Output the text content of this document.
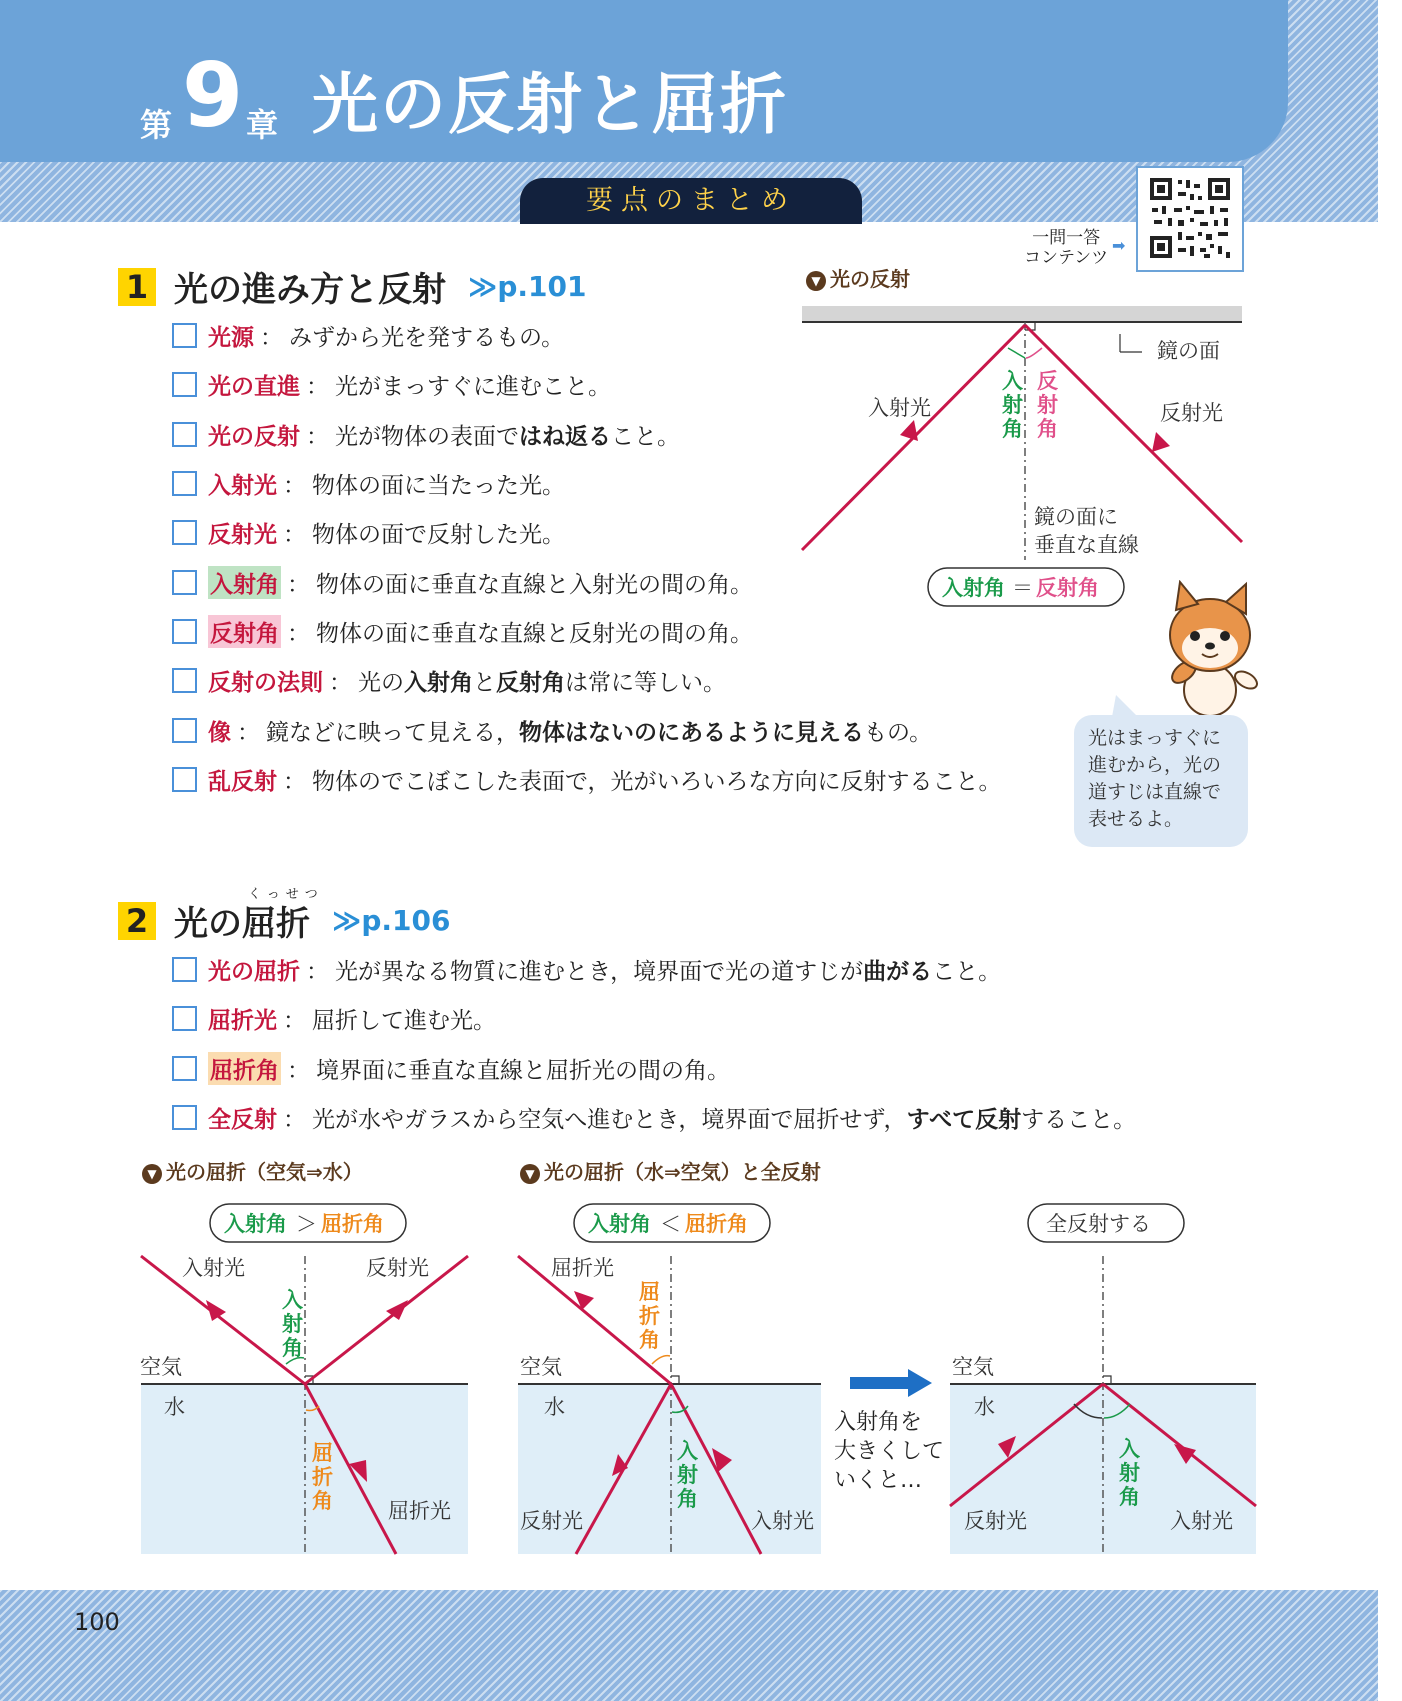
第 9 章 光の反射と屈折
要点のまとめ
一問一答
コンテンツ
➡
1 光の進み方と反射 ≫p.101
光源 ： みずから光を発するもの。
光の直進 ： 光がまっすぐに進むこと。
光の反射 ： 光が物体の表面で はね返る こと。
入射光 ： 物体の面に当たった光。
反射光 ： 物体の面で反射した光。
入射角 ： 物体の面に垂直な直線と入射光の間の角。
反射角 ： 物体の面に垂直な直線と反射光の間の角。
反射の法則 ： 光の 入射角 と 反射角 は常に等しい。
像 ： 鏡などに映って見える， 物体はないのにあるように見える もの。
乱反射 ： 物体のでこぼこした表面で，光がいろいろな方向に反射すること。
▼ 光の反射
鏡の面
入射光	反射光
入
射
角
反
射
角
鏡の面に
垂直な直線
入射角 ＝ 反射角
光はまっすぐに
進むから，光の
道すじは直線で
表せるよ。
くっせつ
2 光の屈折 ≫p.106
光の屈折 ： 光が異なる物質に進むとき，境界面で光の道すじが 曲がる こと。
屈折光 ： 屈折して進む光。
屈折角 ： 境界面に垂直な直線と屈折光の間の角。
全反射 ： 光が水やガラスから空気へ進むとき，境界面で屈折せず， すべて反射 すること。
▼ 光の屈折（空気⇒水）	▼ 光の屈折（水⇒空気）と全反射
入射角 ＞ 屈折角
入射光	反射光
入
射
角
空気
水
屈
折
角	屈折光
入射角 ＜ 屈折角
屈折光
屈
折
角
空気
水
入
射
角
反射光	入射光
入射角を
大きくして
いくと…
全反射する
空気
水
入
射
角
反射光	入射光
100
